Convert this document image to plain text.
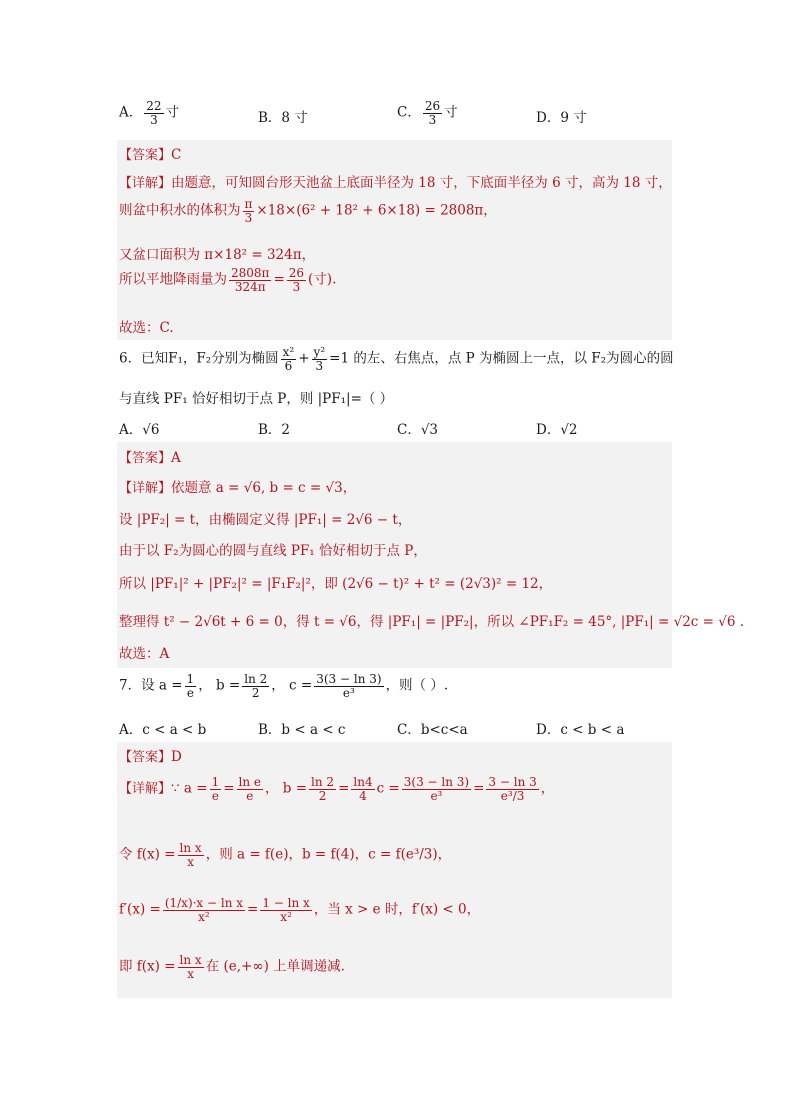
A． $\frac{22}{3}$ 寸	B．8 寸	C． $\frac{26}{3}$ 寸	D．9 寸
【答案】C
【详解】由题意，可知圆台形天池盆上底面半径为 18 寸，下底面半径为 6 寸，高为 18 寸，
则盆中积水的体积为 $\frac{\pi}{3} \times 18\times(6^2 + 18^2 + 6\times 18) = 2808\pi$，
又盆口面积为 π×18² = 324π，
所以平地降雨量为 $\frac{2808\pi}{324\pi} = \frac{26}{3}$ (寸).
故选：C.
6．已知F₁，F₂分别为椭圆 $\frac{\text{x²}}{6} + \frac{\text{y²}}{3} =1$ 的左、右焦点，点 P 为椭圆上一点，以 F₂为圆心的圆
与直线 PF₁ 恰好相切于点 P，则 |PF₁|=（ ）
A．√6	B．2	C．√3	D．√2
【答案】A
【详解】依题意 a = √6, b = c = √3，
设 |PF₂| = t，由椭圆定义得 |PF₁| = 2√6 − t，
由于以 F₂为圆心的圆与直线 PF₁ 恰好相切于点 P，
所以 |PF₁|² + |PF₂|² = |F₁F₂|²，即 (2√6 − t)² + t² = (2√3)² = 12，
整理得 t² − 2√6t + 6 = 0，得 t = √6，得 |PF₁| = |PF₂|，所以 ∠PF₁F₂ = 45°, |PF₁| = √2c = √6 .
故选：A
7．设 $a = \frac{1}{e}$ ， $b = \frac{\ln 2}{2}$ ， $c = \frac{3(3 - \ln 3)}{\text{e³}}$ ，则（ ）.
A．c < a < b	B．b < a < c	C．b<c<a	D．c < b < a
【答案】D
【详解】∵ $a = \frac{1}{e} = \frac{\text{ln e}}{e}$ ， $b = \frac{\ln 2}{2} = \frac{\ln 4}{4}$ $c = \frac{3(3 - \ln 3)}{\text{e³}} = \frac{3 - \ln 3}{\text{e³/3}}$ ，
令 $f(x) = \frac{\text{ln x}}{x}$ ，则 a = f(e)，b = f(4)，c = f(e³/3)，
$f'(x) = \frac{\text{(1/x)·x − ln x}}{\text{x²}} = \frac{\text{1 − ln x}}{\text{x²}}$ ，当 x > e 时，f′(x) < 0，
即 $f(x) = \frac{\text{ln x}}{x}$ 在 (e,+∞) 上单调递减.
